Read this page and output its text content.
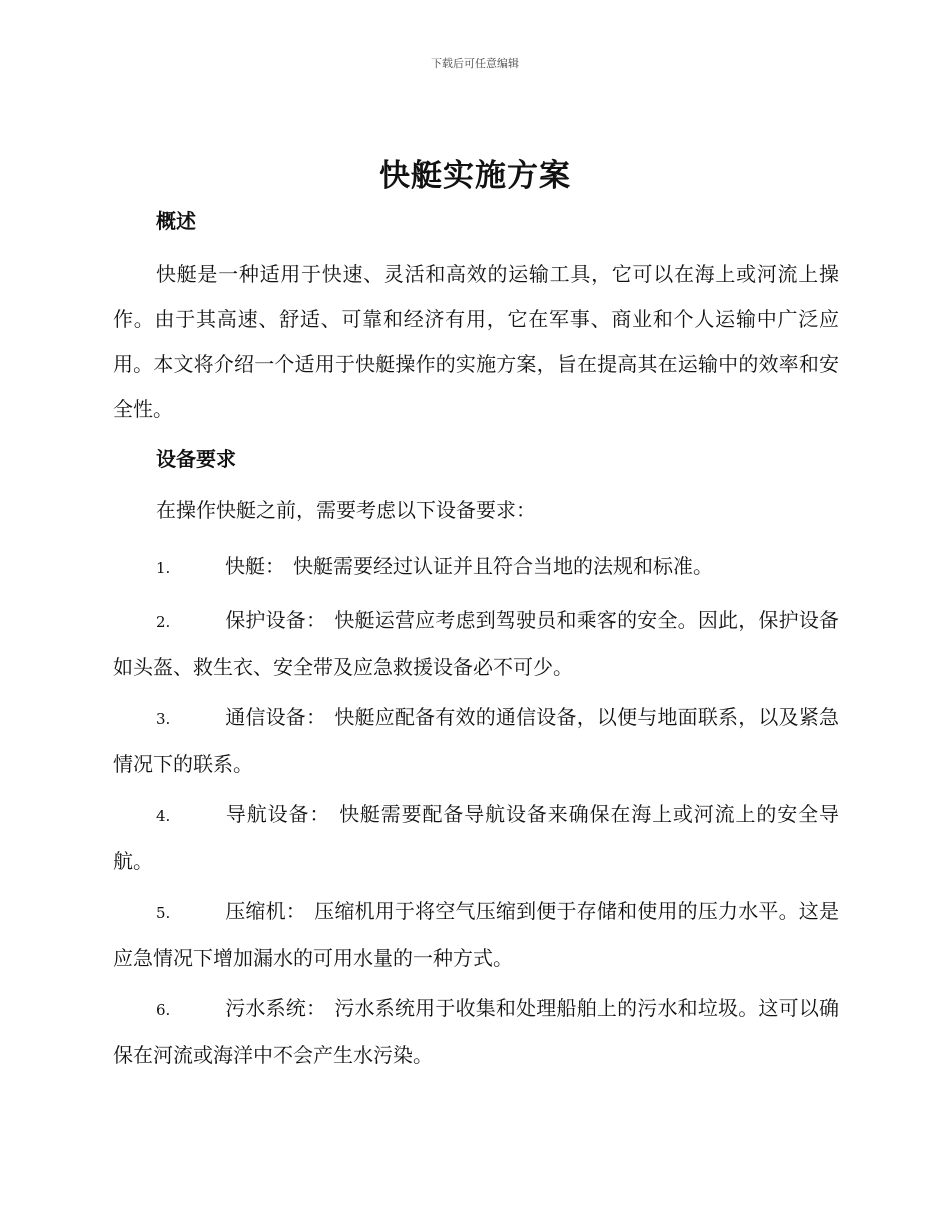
下载后可任意编辑
快艇实施方案
概述
快艇是一种适用于快速、灵活和高效的运输工具，它可以在海上或河流上操作。由于其高速、舒适、可靠和经济有用，它在军事、商业和个人运输中广泛应用。本文将介绍一个适用于快艇操作的实施方案，旨在提高其在运输中的效率和安全性。
设备要求
在操作快艇之前，需要考虑以下设备要求：
1.	快艇： 快艇需要经过认证并且符合当地的法规和标准。
2.	保护设备： 快艇运营应考虑到驾驶员和乘客的安全。因此，保护设备如头盔、救生衣、安全带及应急救援设备必不可少。
3.	通信设备： 快艇应配备有效的通信设备，以便与地面联系，以及紧急情况下的联系。
4.	导航设备： 快艇需要配备导航设备来确保在海上或河流上的安全导航。
5.	压缩机： 压缩机用于将空气压缩到便于存储和使用的压力水平。这是应急情况下增加漏水的可用水量的一种方式。
6.	污水系统： 污水系统用于收集和处理船舶上的污水和垃圾。这可以确保在河流或海洋中不会产生水污染。
